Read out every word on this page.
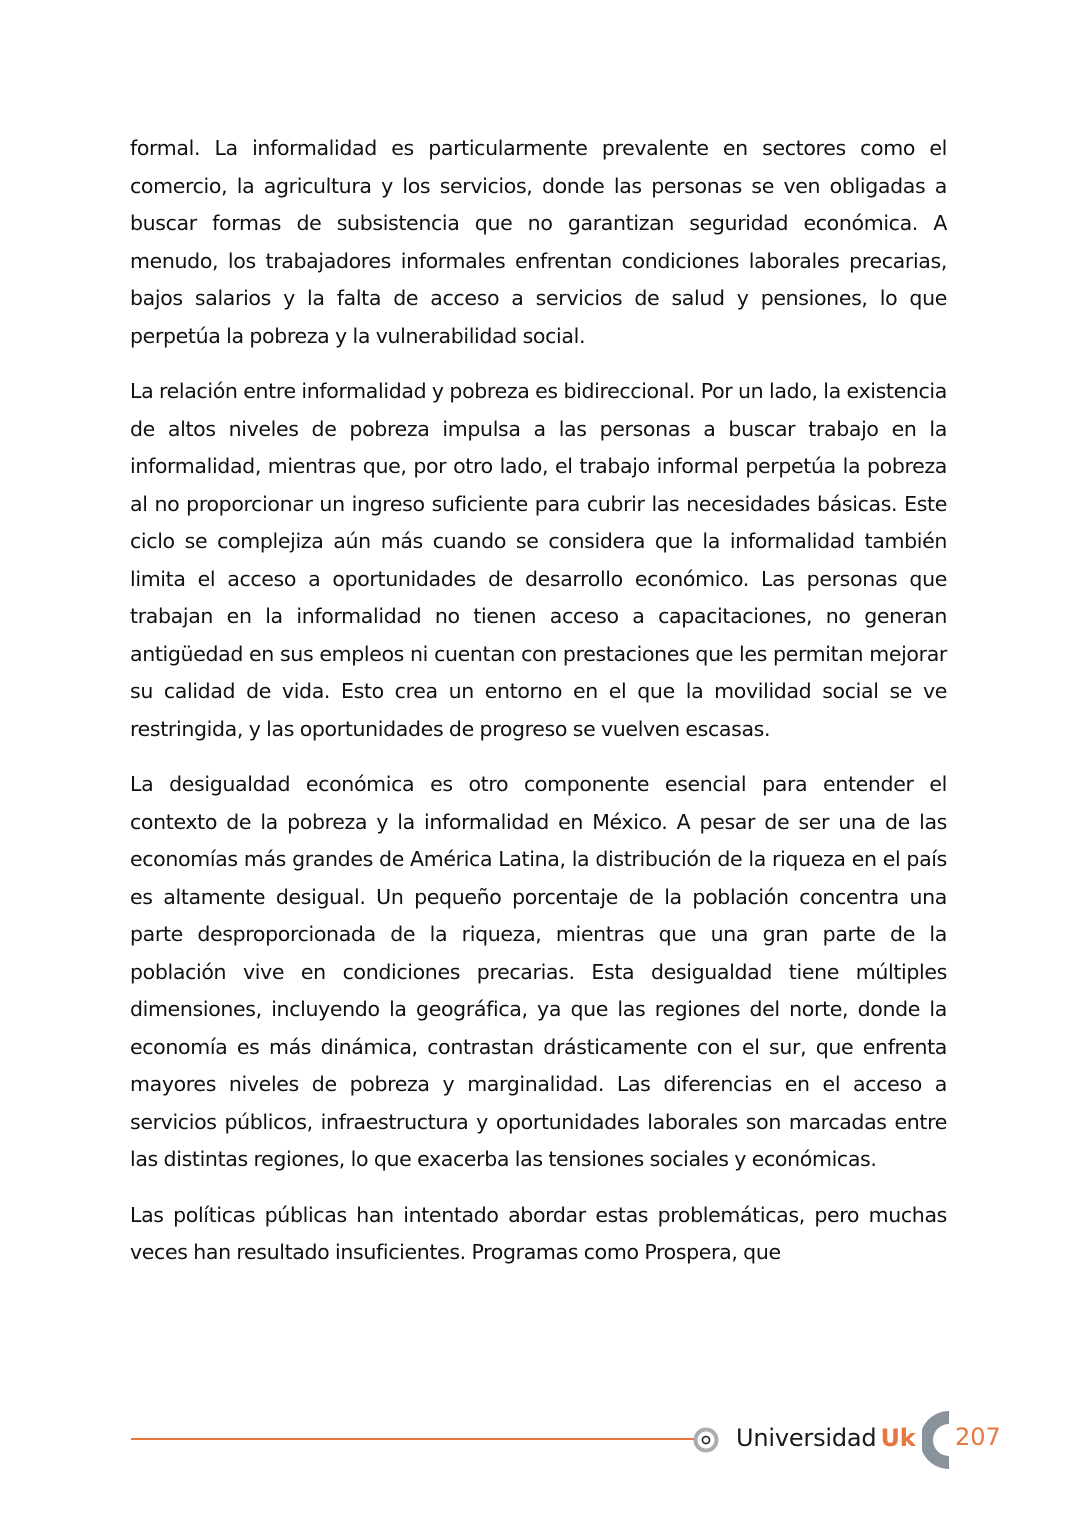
formal. La informalidad es particularmente prevalente en sectores como el comercio, la agricultura y los servicios, donde las personas se ven obligadas a buscar formas de subsistencia que no garantizan seguridad económica. A menudo, los trabajadores informales enfrentan condiciones laborales precarias, bajos salarios y la falta de acceso a servicios de salud y pensiones, lo que perpetúa la pobreza y la vulnerabilidad social.

La relación entre informalidad y pobreza es bidireccional. Por un lado, la existencia de altos niveles de pobreza impulsa a las personas a buscar trabajo en la informalidad, mientras que, por otro lado, el trabajo informal perpetúa la pobreza al no proporcionar un ingreso suficiente para cubrir las necesidades básicas. Este ciclo se complejiza aún más cuando se considera que la informalidad también limita el acceso a oportunidades de desarrollo económico. Las personas que trabajan en la informalidad no tienen acceso a capacitaciones, no generan antigüedad en sus empleos ni cuentan con prestaciones que les permitan mejorar su calidad de vida. Esto crea un entorno en el que la movilidad social se ve restringida, y las oportunidades de progreso se vuelven escasas.

La desigualdad económica es otro componente esencial para entender el contexto de la pobreza y la informalidad en México. A pesar de ser una de las economías más grandes de América Latina, la distribución de la riqueza en el país es altamente desigual. Un pequeño porcentaje de la población concentra una parte desproporcionada de la riqueza, mientras que una gran parte de la población vive en condiciones precarias. Esta desigualdad tiene múltiples dimensiones, incluyendo la geográfica, ya que las regiones del norte, donde la economía es más dinámica, contrastan drásticamente con el sur, que enfrenta mayores niveles de pobreza y marginalidad. Las diferencias en el acceso a servicios públicos, infraestructura y oportunidades laborales son marcadas entre las distintas regiones, lo que exacerba las tensiones sociales y económicas.

Las políticas públicas han intentado abordar estas problemáticas, pero muchas veces han resultado insuficientes. Programas como Prospera, que

Universidad Uk 207
